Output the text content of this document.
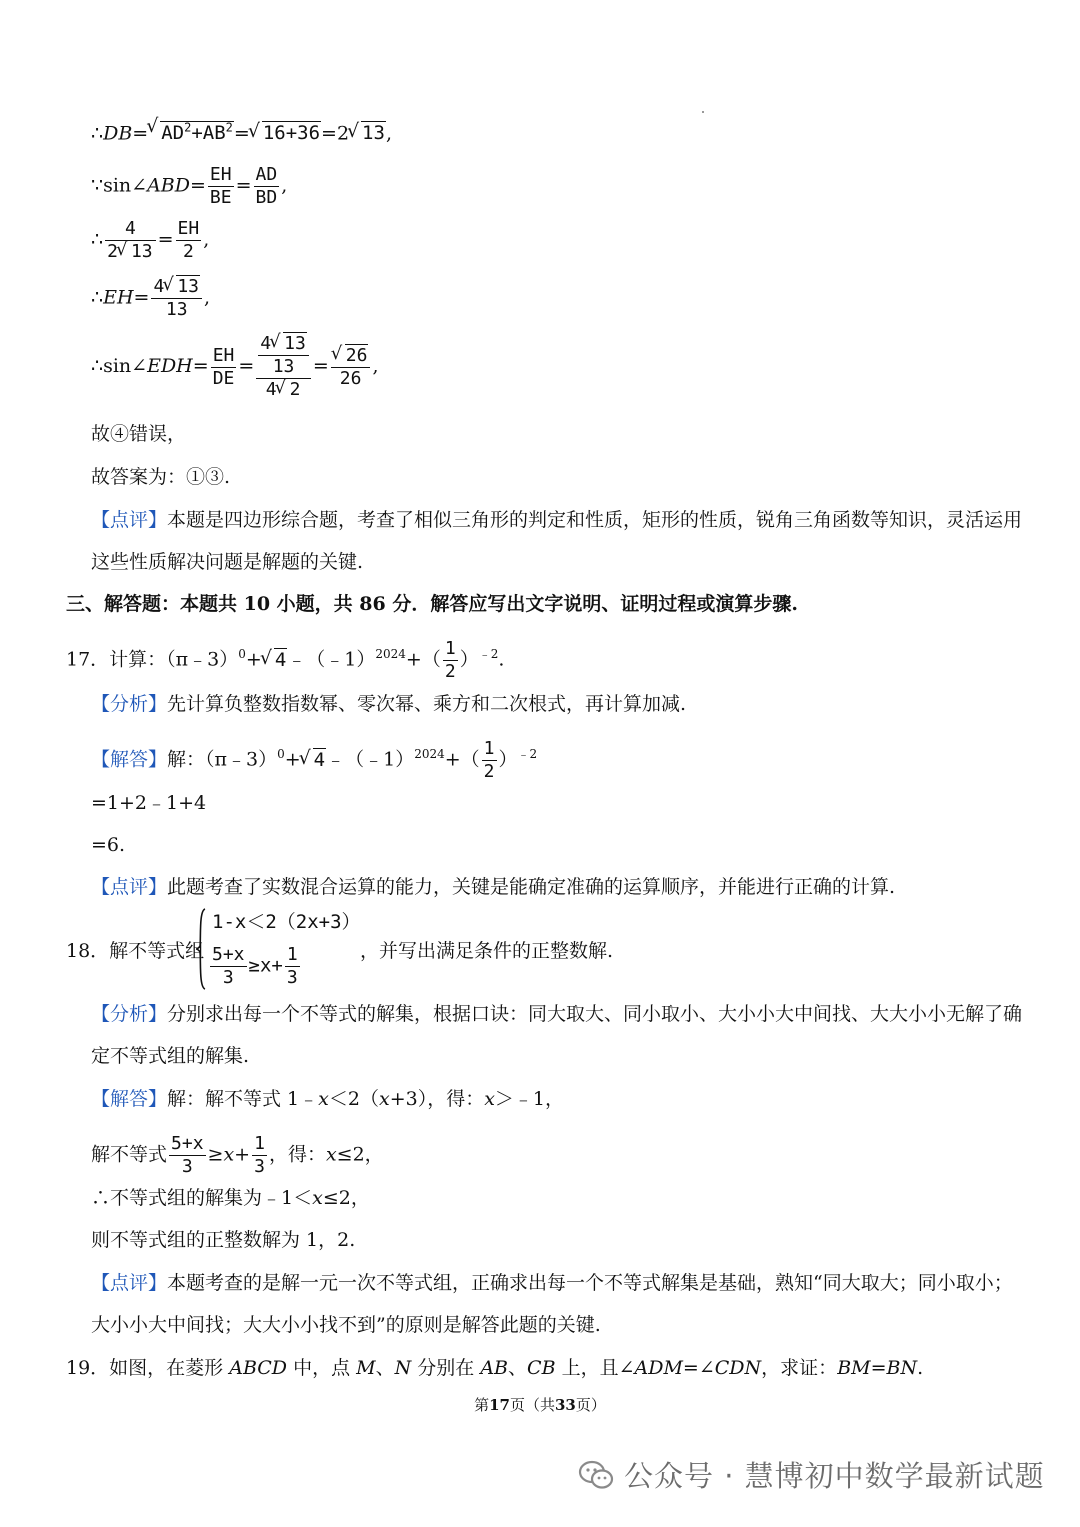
∴DB=√ $AD^2+AB^2=√$ 16+36=2√ 13,
∵sin∠ABD= $\frac{EH}{BE} = \frac{AD}{BD}$ ,
∴ $\frac{4}{2√ 13} = \frac{EH}{2}$ ,
∴EH= $\frac{4√ 13}{13}$ ,
∴sin∠EDH= $\frac{EH}{DE} = \frac{\frac{4√ 13}{13}}{4√ 2}$ =
√ $\frac{26}{26}$ ,
故④错误，
故答案为：①③.
【点评】本题是四边形综合题，考查了相似三角形的判定和性质，矩形的性质，锐角三角函数等知识，灵活运用
这些性质解决问题是解题的关键.
三、解答题：本题共 10 小题，共 86 分．解答应写出文字说明、证明过程或演算步骤.
17．计算：（π﹣3）$^0$+√ 4﹣（﹣1）$^{2024}$+（ $\frac{1}{2} )^{﹣2}$.
【分析】先计算负整数指数幂、零次幂、乘方和二次根式，再计算加减.
【解答】解：（π﹣3）$^0$+√ 4﹣（﹣1）$^{2024}$+（ $\frac{1}{2} )^{﹣2}$
=1+2﹣1+4
=6.
【点评】此题考查了实数混合运算的能力，关键是能确定准确的运算顺序，并能进行正确的计算.
18．解不等式组
1-x＜2（2x+3）
$\frac{5+x}{3} \ge x+ \frac{1}{3}$	，并写出满足条件的正整数解.
【分析】分别求出每一个不等式的解集，根据口诀：同大取大、同小取小、大小小大中间找、大大小小无解了确
定不等式组的解集.
【解答】解：解不等式 1﹣x＜2（x+3），得：x＞﹣1，
解不等式 $\frac{5+x}{3} \ge x+ \frac{1}{3}$ ，得：x≤2，
∴不等式组的解集为﹣1＜x≤2，
则不等式组的正整数解为 1，2.
【点评】本题考查的是解一元一次不等式组，正确求出每一个不等式解集是基础，熟知“同大取大；同小取小；
大小小大中间找；大大小小找不到”的原则是解答此题的关键.
19．如图，在菱形 ABCD 中，点 M、N 分别在 AB、CB 上，且∠ADM=∠CDN，求证：BM=BN.
第17页（共33页）
公众号 · 慧博初中数学最新试题
